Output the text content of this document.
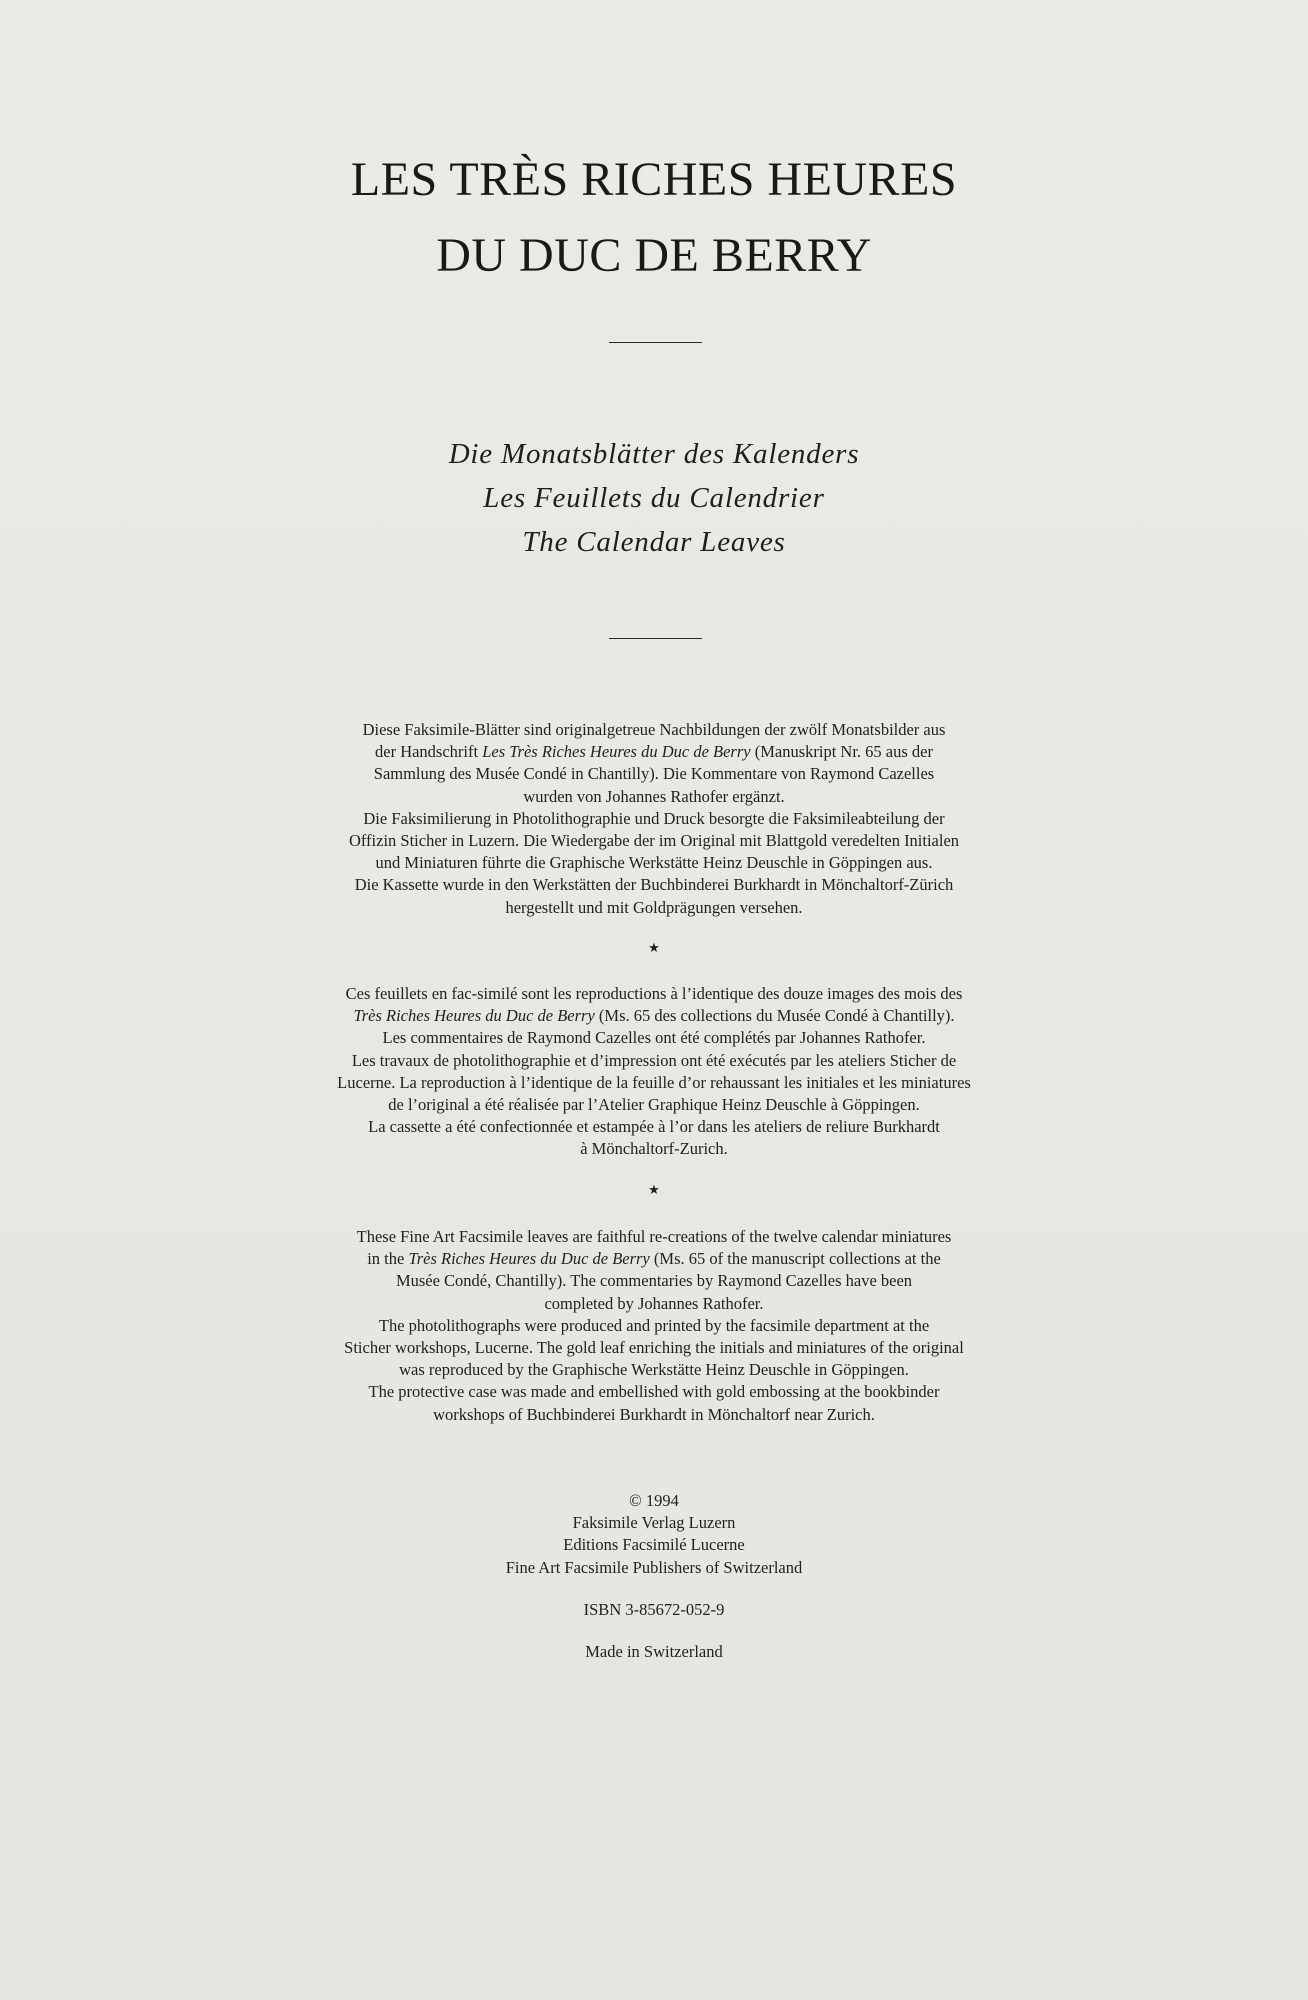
LES TRÈS RICHES HEURES
DU DUC DE BERRY
Die Monatsblätter des Kalenders
Les Feuillets du Calendrier
The Calendar Leaves
Diese Faksimile-Blätter sind originalgetreue Nachbildungen der zwölf Monatsbilder aus
der Handschrift Les Très Riches Heures du Duc de Berry (Manuskript Nr. 65 aus der
Sammlung des Musée Condé in Chantilly). Die Kommentare von Raymond Cazelles
wurden von Johannes Rathofer ergänzt.
Die Faksimilierung in Photolithographie und Druck besorgte die Faksimileabteilung der
Offizin Sticher in Luzern. Die Wiedergabe der im Original mit Blattgold veredelten Initialen
und Miniaturen führte die Graphische Werkstätte Heinz Deuschle in Göppingen aus.
Die Kassette wurde in den Werkstätten der Buchbinderei Burkhardt in Mönchaltorf-Zürich
hergestellt und mit Goldprägungen versehen.
★
Ces feuillets en fac-similé sont les reproductions à l’identique des douze images des mois des
Très Riches Heures du Duc de Berry (Ms. 65 des collections du Musée Condé à Chantilly).
Les commentaires de Raymond Cazelles ont été complétés par Johannes Rathofer.
Les travaux de photolithographie et d’impression ont été exécutés par les ateliers Sticher de
Lucerne. La reproduction à l’identique de la feuille d’or rehaussant les initiales et les miniatures
de l’original a été réalisée par l’Atelier Graphique Heinz Deuschle à Göppingen.
La cassette a été confectionnée et estampée à l’or dans les ateliers de reliure Burkhardt
à Mönchaltorf-Zurich.
★
These Fine Art Facsimile leaves are faithful re-creations of the twelve calendar miniatures
in the Très Riches Heures du Duc de Berry (Ms. 65 of the manuscript collections at the
Musée Condé, Chantilly). The commentaries by Raymond Cazelles have been
completed by Johannes Rathofer.
The photolithographs were produced and printed by the facsimile department at the
Sticher workshops, Lucerne. The gold leaf enriching the initials and miniatures of the original
was reproduced by the Graphische Werkstätte Heinz Deuschle in Göppingen.
The protective case was made and embellished with gold embossing at the bookbinder
workshops of Buchbinderei Burkhardt in Mönchaltorf near Zurich.
© 1994
Faksimile Verlag Luzern
Editions Facsimilé Lucerne
Fine Art Facsimile Publishers of Switzerland
ISBN 3-85672-052-9
Made in Switzerland
